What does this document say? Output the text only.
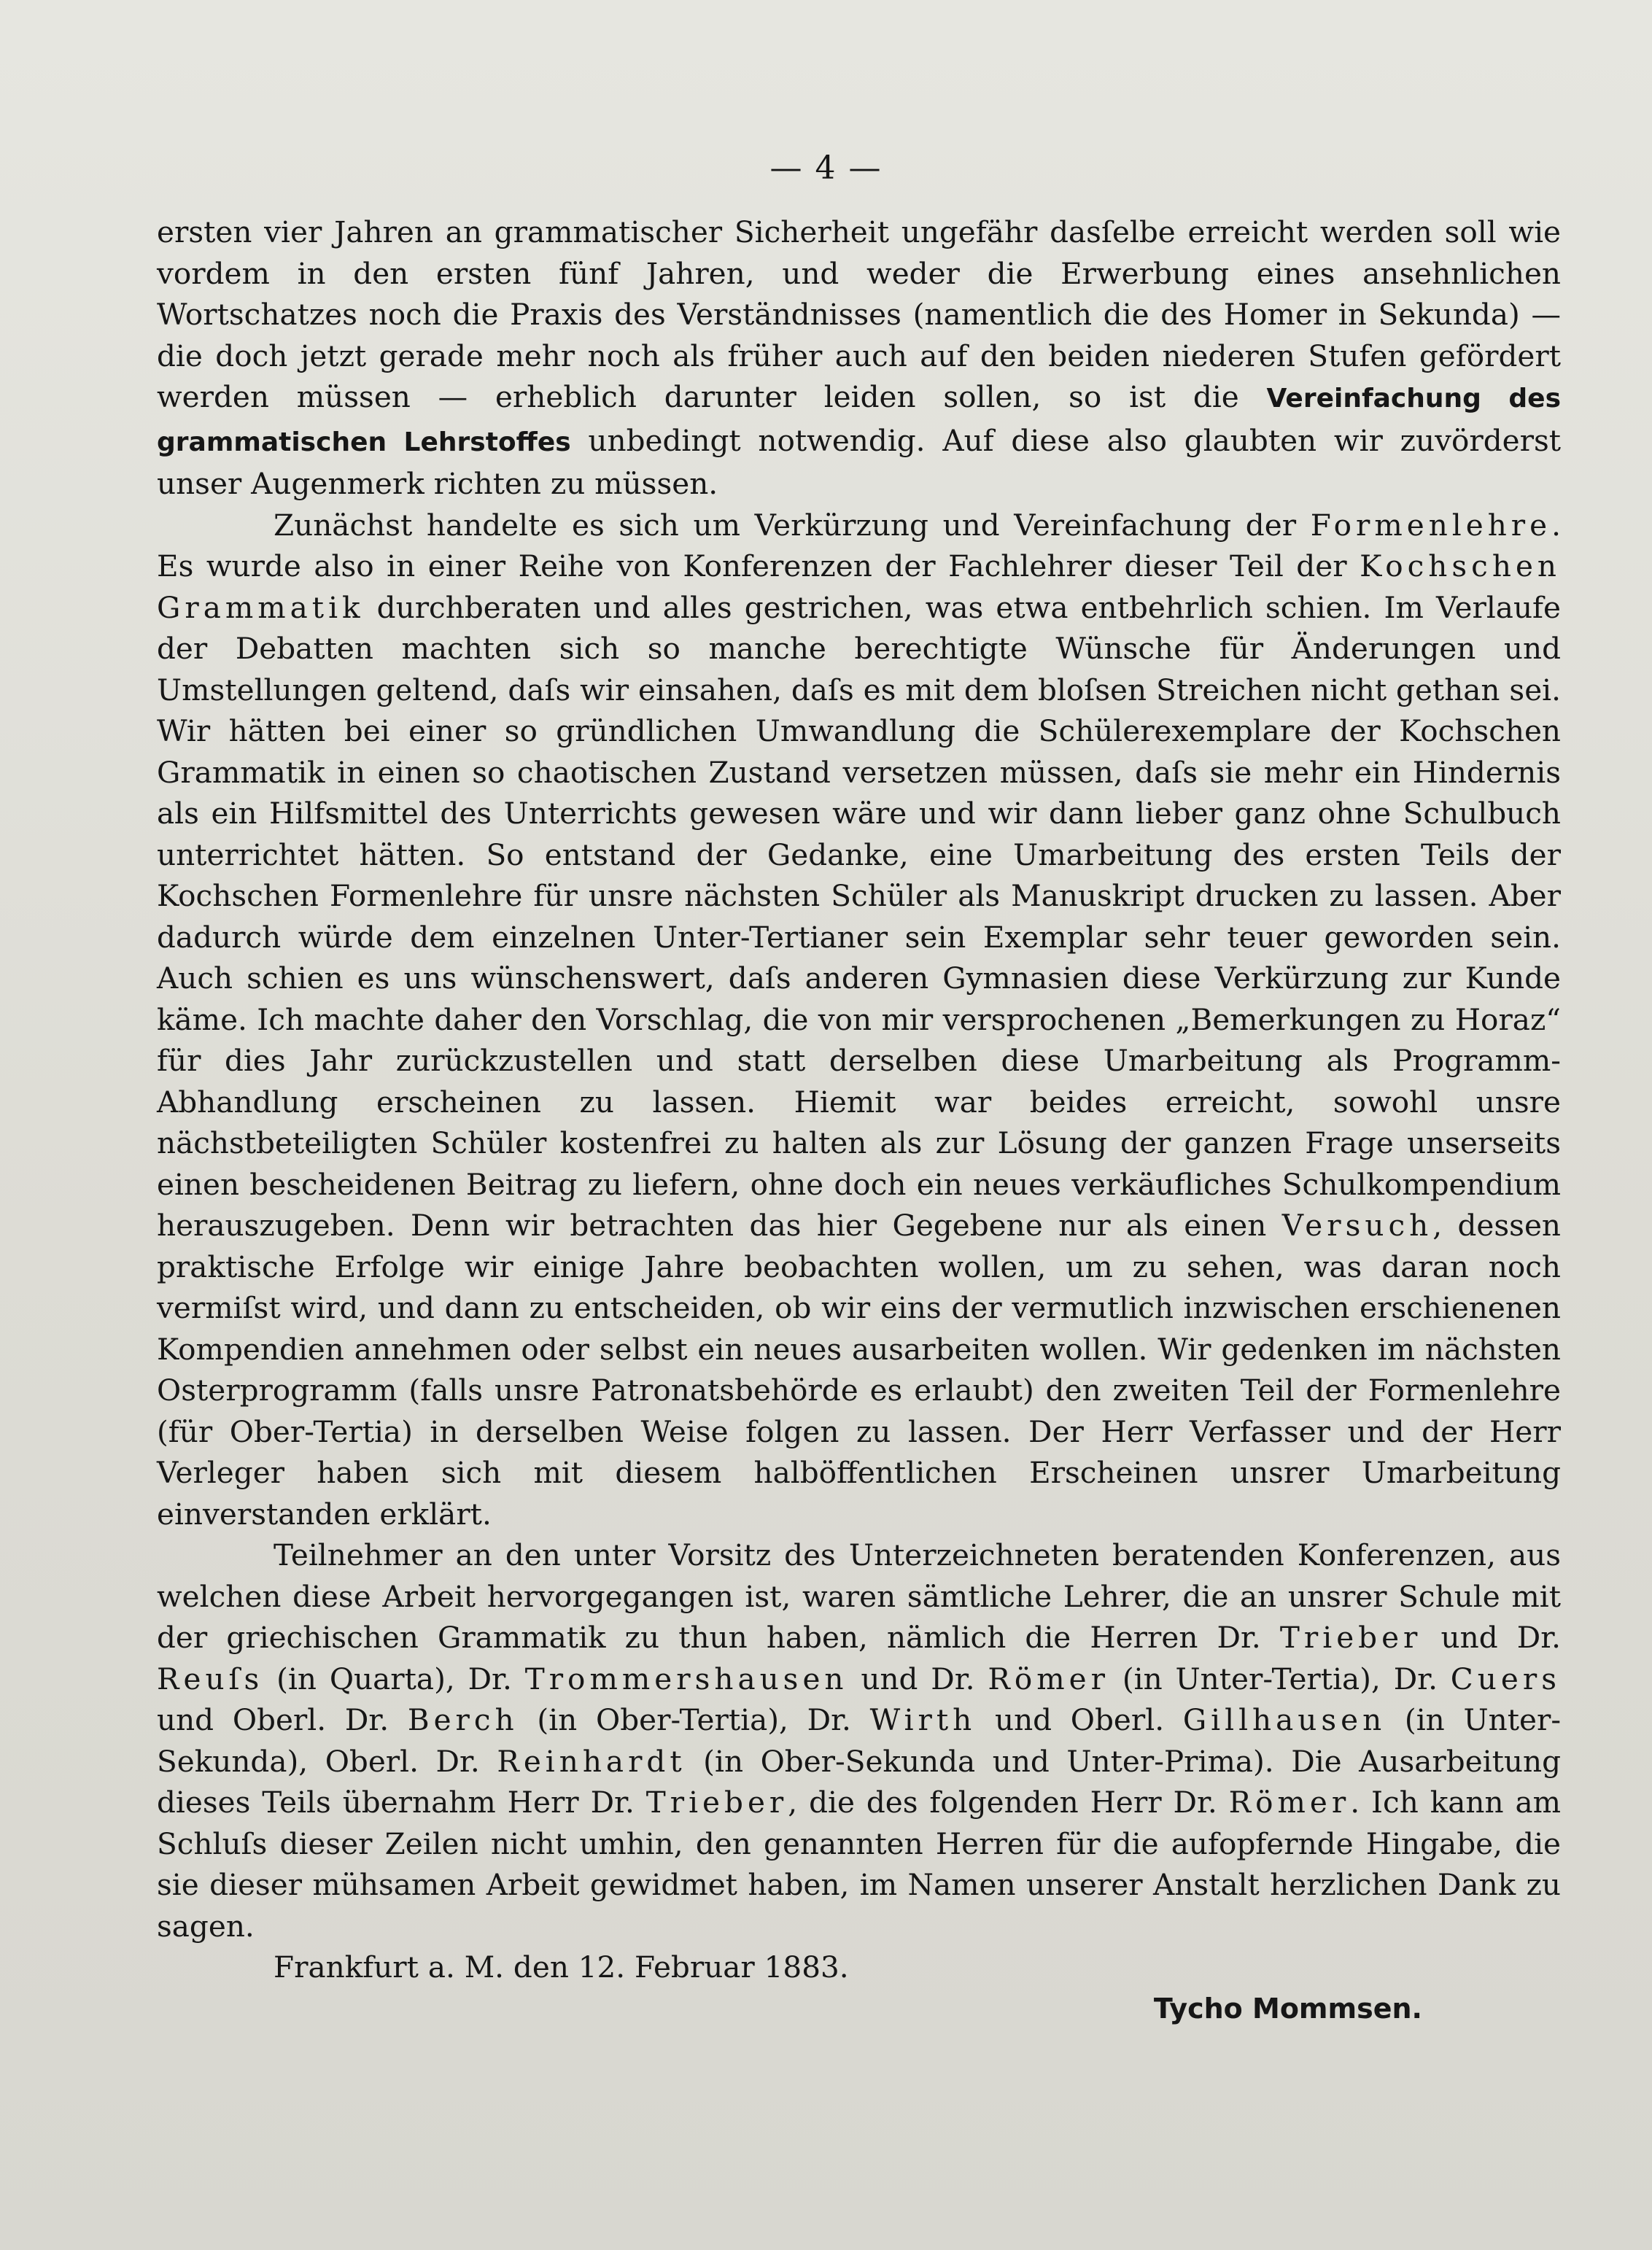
— 4 —

ersten vier Jahren an grammatischer Sicherheit ungefähr dasſelbe erreicht werden soll wie vordem in den ersten fünf Jahren, und weder die Erwerbung eines ansehnlichen Wortschatzes noch die Praxis des Verständnisses (namentlich die des Homer in Sekunda) — die doch jetzt gerade mehr noch als früher auch auf den beiden niederen Stufen gefördert werden müssen — erheblich darunter leiden sollen, so ist die Vereinfachung des grammatischen Lehrstoffes unbedingt notwendig. Auf diese also glaubten wir zuvörderst unser Augenmerk richten zu müssen.

Zunächst handelte es sich um Verkürzung und Vereinfachung der Formenlehre. Es wurde also in einer Reihe von Konferenzen der Fachlehrer dieser Teil der Kochschen Grammatik durchberaten und alles gestrichen, was etwa entbehrlich schien. Im Verlaufe der Debatten machten sich so manche berechtigte Wünsche für Änderungen und Umstellungen geltend, daſs wir einsahen, daſs es mit dem bloſsen Streichen nicht gethan sei. Wir hätten bei einer so gründlichen Umwandlung die Schülerexemplare der Kochschen Grammatik in einen so chaotischen Zustand versetzen müssen, daſs sie mehr ein Hindernis als ein Hilfsmittel des Unterrichts gewesen wäre und wir dann lieber ganz ohne Schulbuch unterrichtet hätten. So entstand der Gedanke, eine Umarbeitung des ersten Teils der Kochschen Formenlehre für unsre nächsten Schüler als Manuskript drucken zu lassen. Aber dadurch würde dem einzelnen Unter-Tertianer sein Exemplar sehr teuer geworden sein. Auch schien es uns wünschenswert, daſs anderen Gymnasien diese Verkürzung zur Kunde käme. Ich machte daher den Vorschlag, die von mir versprochenen „Bemerkungen zu Horaz“ für dies Jahr zurückzustellen und statt derselben diese Umarbeitung als Programm-Abhandlung erscheinen zu lassen. Hiemit war beides erreicht, sowohl unsre nächstbeteiligten Schüler kostenfrei zu halten als zur Lösung der ganzen Frage unserseits einen bescheidenen Beitrag zu liefern, ohne doch ein neues verkäufliches Schulkompendium herauszugeben. Denn wir betrachten das hier Gegebene nur als einen Versuch, dessen praktische Erfolge wir einige Jahre beobachten wollen, um zu sehen, was daran noch vermiſst wird, und dann zu entscheiden, ob wir eins der vermutlich inzwischen erschienenen Kompendien annehmen oder selbst ein neues ausarbeiten wollen. Wir gedenken im nächsten Osterprogramm (falls unsre Patronatsbehörde es erlaubt) den zweiten Teil der Formenlehre (für Ober-Tertia) in derselben Weise folgen zu lassen. Der Herr Verfasser und der Herr Verleger haben sich mit diesem halböffentlichen Erscheinen unsrer Umarbeitung einverstanden erklärt.

Teilnehmer an den unter Vorsitz des Unterzeichneten beratenden Konferenzen, aus welchen diese Arbeit hervorgegangen ist, waren sämtliche Lehrer, die an unsrer Schule mit der griechischen Grammatik zu thun haben, nämlich die Herren Dr. Trieber und Dr. Reuſs (in Quarta), Dr. Trommershausen und Dr. Römer (in Unter-Tertia), Dr. Cuers und Oberl. Dr. Berch (in Ober-Tertia), Dr. Wirth und Oberl. Gillhausen (in Unter-Sekunda), Oberl. Dr. Reinhardt (in Ober-Sekunda und Unter-Prima). Die Ausarbeitung dieses Teils übernahm Herr Dr. Trieber, die des folgenden Herr Dr. Römer. Ich kann am Schluſs dieser Zeilen nicht umhin, den genannten Herren für die aufopfernde Hingabe, die sie dieser mühsamen Arbeit gewidmet haben, im Namen unserer Anstalt herzlichen Dank zu sagen.

Frankfurt a. M. den 12. Februar 1883.

Tycho Mommsen.
